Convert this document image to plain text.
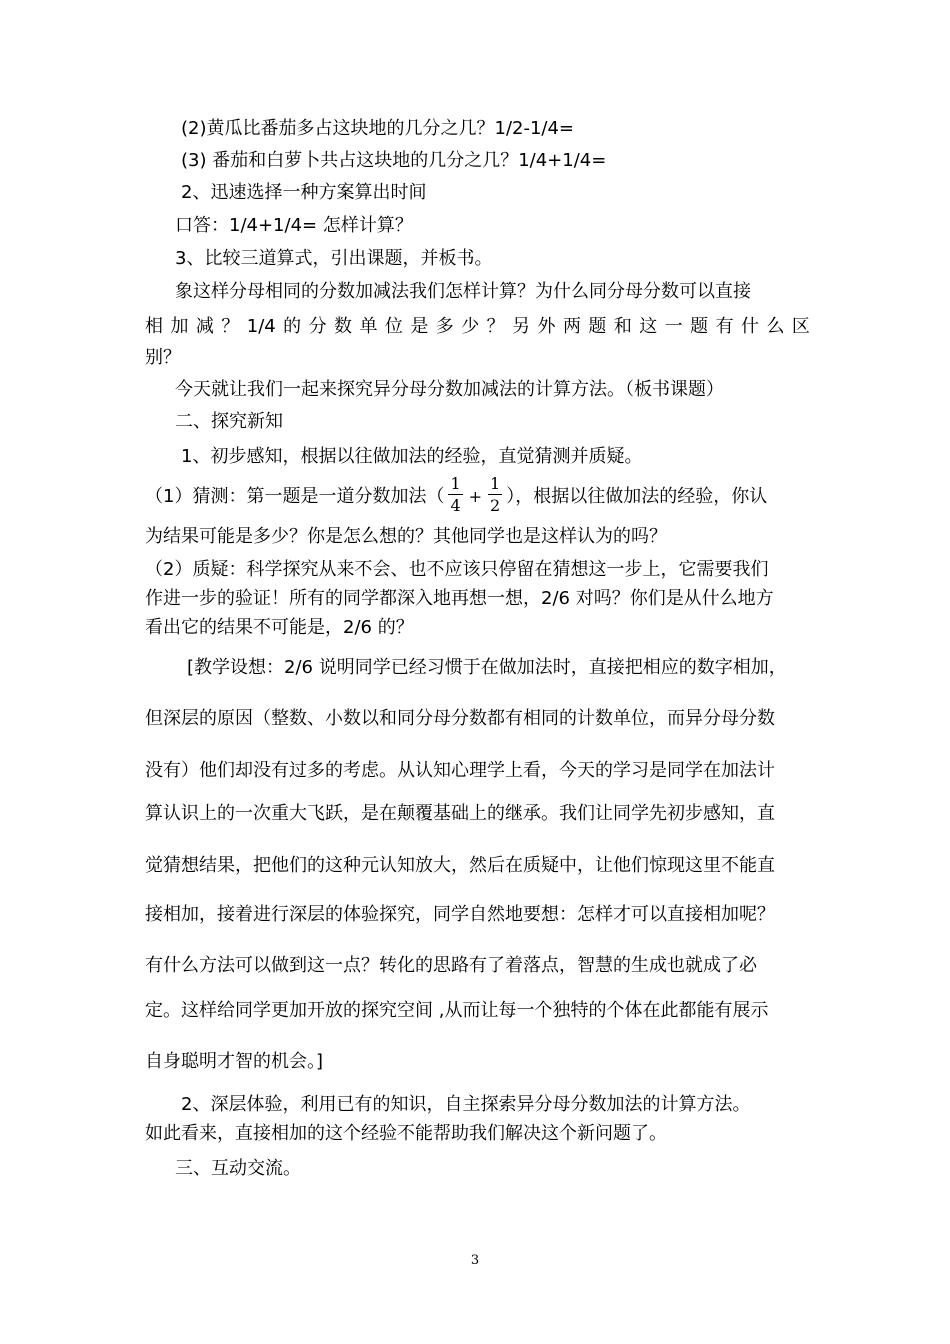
(2)黄瓜比番茄多占这块地的几分之几？1/2-1/4=
(3) 番茄和白萝卜共占这块地的几分之几？1/4+1/4=
2、迅速选择一种方案算出时间
口答：1/4+1/4= 怎样计算？
3、比较三道算式，引出课题，并板书。
象这样分母相同的分数加减法我们怎样计算？为什么同分母分数可以直接
相 加 减 ？ 1/4 的 分 数 单 位 是 多 少 ？ 另 外 两 题 和 这 一 题 有 什 么 区
别？
今天就让我们一起来探究异分母分数加减法的计算方法。（板书课题）
二、探究新知
1、初步感知，根据以往做加法的经验，直觉猜测并质疑。
（1）猜测：第一题是一道分数加法（ $\frac{1}{4} + \frac{1}{2}$ ），根据以往做加法的经验，你认
为结果可能是多少？你是怎么想的？其他同学也是这样认为的吗？
（2）质疑：科学探究从来不会、也不应该只停留在猜想这一步上，它需要我们
作进一步的验证！所有的同学都深入地再想一想，2/6 对吗？你们是从什么地方
看出它的结果不可能是，2/6 的？
[教学设想：2/6 说明同学已经习惯于在做加法时，直接把相应的数字相加，
但深层的原因（整数、小数以和同分母分数都有相同的计数单位，而异分母分数
没有）他们却没有过多的考虑。从认知心理学上看，今天的学习是同学在加法计
算认识上的一次重大飞跃，是在颠覆基础上的继承。我们让同学先初步感知，直
觉猜想结果，把他们的这种元认知放大，然后在质疑中，让他们惊现这里不能直
接相加，接着进行深层的体验探究，同学自然地要想：怎样才可以直接相加呢？
有什么方法可以做到这一点？转化的思路有了着落点，智慧的生成也就成了必
定。这样给同学更加开放的探究空间 ,从而让每一个独特的个体在此都能有展示
自身聪明才智的机会。]
2、深层体验，利用已有的知识，自主探索异分母分数加法的计算方法。
如此看来，直接相加的这个经验不能帮助我们解决这个新问题了。
三、互动交流。
3
